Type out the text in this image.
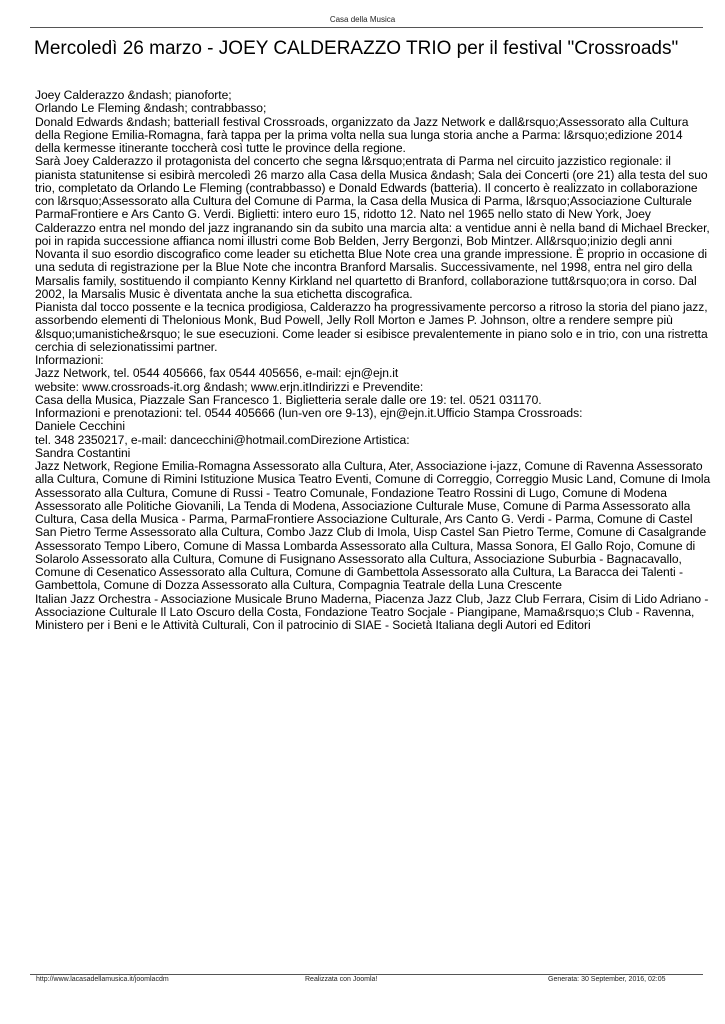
Casa della Musica
Mercoledì 26 marzo - JOEY CALDERAZZO TRIO per il festival "Crossroads"

Joey Calderazzo &ndash; pianoforte;

Orlando Le Fleming &ndash; contrabbasso;

Donald Edwards &ndash; batteriaIl festival Crossroads, organizzato da Jazz Network e dall&rsquo;Assessorato alla Cultura della Regione Emilia-Romagna, farà tappa per la prima volta nella sua lunga storia anche a Parma: l&rsquo;edizione 2014 della kermesse itinerante toccherà così tutte le province della regione.

Sarà Joey Calderazzo il protagonista del concerto che segna l&rsquo;entrata di Parma nel circuito jazzistico regionale: il pianista statunitense si esibirà mercoledì 26 marzo alla Casa della Musica &ndash; Sala dei Concerti (ore 21) alla testa del suo trio, completato da Orlando Le Fleming (contrabbasso) e Donald Edwards (batteria). Il concerto è realizzato in collaborazione con l&rsquo;Assessorato alla Cultura del Comune di Parma, la Casa della Musica di Parma, l&rsquo;Associazione Culturale ParmaFrontiere e Ars Canto G. Verdi. Biglietti: intero euro 15, ridotto 12. Nato nel 1965 nello stato di New York, Joey Calderazzo entra nel mondo del jazz ingranando sin da subito una marcia alta: a ventidue anni è nella band di Michael Brecker, poi in rapida successione affianca nomi illustri come Bob Belden, Jerry Bergonzi, Bob Mintzer. All&rsquo;inizio degli anni Novanta il suo esordio discografico come leader su etichetta Blue Note crea una grande impressione. È proprio in occasione di una seduta di registrazione per la Blue Note che incontra Branford Marsalis. Successivamente, nel 1998, entra nel giro della Marsalis family, sostituendo il compianto Kenny Kirkland nel quartetto di Branford, collaborazione tutt&rsquo;ora in corso. Dal 2002, la Marsalis Music è diventata anche la sua etichetta discografica.

Pianista dal tocco possente e la tecnica prodigiosa, Calderazzo ha progressivamente percorso a ritroso la storia del piano jazz, assorbendo elementi di Thelonious Monk, Bud Powell, Jelly Roll Morton e James P. Johnson, oltre a rendere sempre più &lsquo;umanistiche&rsquo; le sue esecuzioni. Come leader si esibisce prevalentemente in piano solo e in trio, con una ristretta cerchia di selezionatissimi partner.

Informazioni:

Jazz Network, tel. 0544 405666, fax 0544 405656, e-mail: ejn@ejn.it

website: www.crossroads-it.org &ndash; www.erjn.itIndirizzi e Prevendite:

Casa della Musica, Piazzale San Francesco 1. Biglietteria serale dalle ore 19: tel. 0521 031170.

Informazioni e prenotazioni: tel. 0544 405666 (lun-ven ore 9-13), ejn@ejn.it.Ufficio Stampa Crossroads:

Daniele Cecchini

tel. 348 2350217, e-mail: dancecchini@hotmail.comDirezione Artistica:

Sandra Costantini

Jazz Network, Regione Emilia-Romagna Assessorato alla Cultura, Ater, Associazione i-jazz, Comune di Ravenna Assessorato alla Cultura, Comune di Rimini Istituzione Musica Teatro Eventi, Comune di Correggio, Correggio Music Land, Comune di Imola Assessorato alla Cultura, Comune di Russi - Teatro Comunale, Fondazione Teatro Rossini di Lugo, Comune di Modena Assessorato alle Politiche Giovanili, La Tenda di Modena, Associazione Culturale Muse, Comune di Parma Assessorato alla Cultura, Casa della Musica - Parma, ParmaFrontiere Associazione Culturale, Ars Canto G. Verdi - Parma, Comune di Castel San Pietro Terme Assessorato alla Cultura, Combo Jazz Club di Imola, Uisp Castel San Pietro Terme, Comune di Casalgrande Assessorato Tempo Libero, Comune di Massa Lombarda Assessorato alla Cultura, Massa Sonora, El Gallo Rojo, Comune di Solarolo Assessorato alla Cultura, Comune di Fusignano Assessorato alla Cultura, Associazione Suburbia - Bagnacavallo, Comune di Cesenatico Assessorato alla Cultura, Comune di Gambettola Assessorato alla Cultura, La Baracca dei Talenti - Gambettola, Comune di Dozza Assessorato alla Cultura, Compagnia Teatrale della Luna Crescente

Italian Jazz Orchestra - Associazione Musicale Bruno Maderna, Piacenza Jazz Club, Jazz Club Ferrara, Cisim di Lido Adriano - Associazione Culturale Il Lato Oscuro della Costa, Fondazione Teatro Socjale - Piangipane, Mama&rsquo;s Club - Ravenna, Ministero per i Beni e le Attività Culturali, Con il patrocinio di SIAE - Società Italiana degli Autori ed Editori

http://www.lacasadellamusica.it/joomlacdm	Realizzata con Joomla!	Generata: 30 September, 2016, 02:05
